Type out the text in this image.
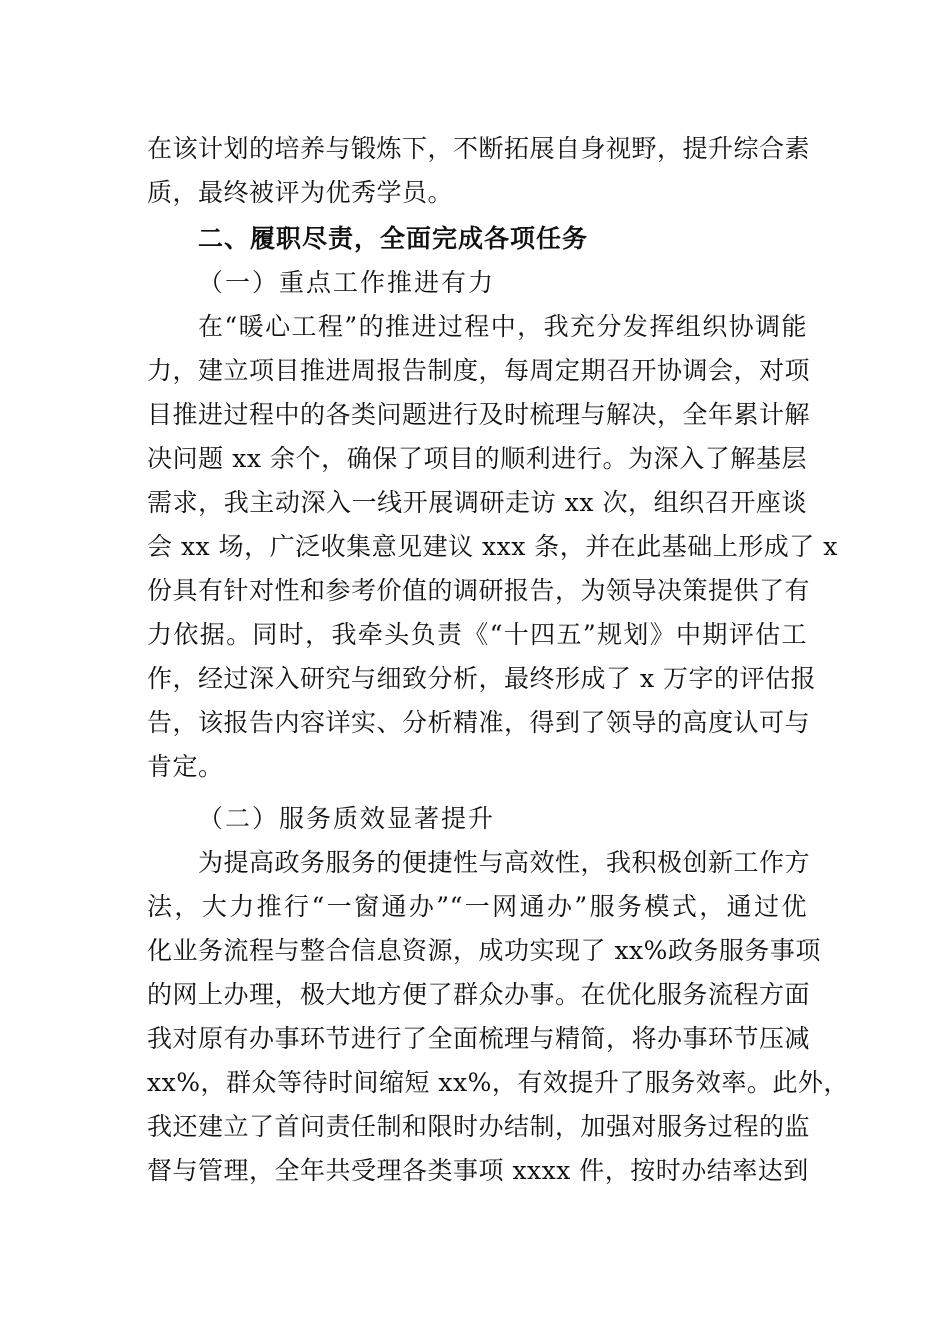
在该计划的培养与锻炼下，不断拓展自身视野，提升综合素
质，最终被评为优秀学员。
二、履职尽责，全面完成各项任务
（一）重点工作推进有力
在“暖心工程”的推进过程中，我充分发挥组织协调能
力，建立项目推进周报告制度，每周定期召开协调会，对项
目推进过程中的各类问题进行及时梳理与解决，全年累计解
决问题 xx 余个，确保了项目的顺利进行。为深入了解基层
需求，我主动深入一线开展调研走访 xx 次，组织召开座谈
会 xx 场，广泛收集意见建议 xxx 条，并在此基础上形成了 x
份具有针对性和参考价值的调研报告，为领导决策提供了有
力依据。同时，我牵头负责《“十四五”规划》中期评估工
作，经过深入研究与细致分析，最终形成了 x 万字的评估报
告，该报告内容详实、分析精准，得到了领导的高度认可与
肯定。
（二）服务质效显著提升
为提高政务服务的便捷性与高效性，我积极创新工作方
法，大力推行“一窗通办”“一网通办”服务模式，通过优
化业务流程与整合信息资源，成功实现了 xx%政务服务事项
的网上办理，极大地方便了群众办事。在优化服务流程方面
我对原有办事环节进行了全面梳理与精简，将办事环节压减
xx%，群众等待时间缩短 xx%，有效提升了服务效率。此外，
我还建立了首问责任制和限时办结制，加强对服务过程的监
督与管理，全年共受理各类事项 xxxx 件，按时办结率达到
